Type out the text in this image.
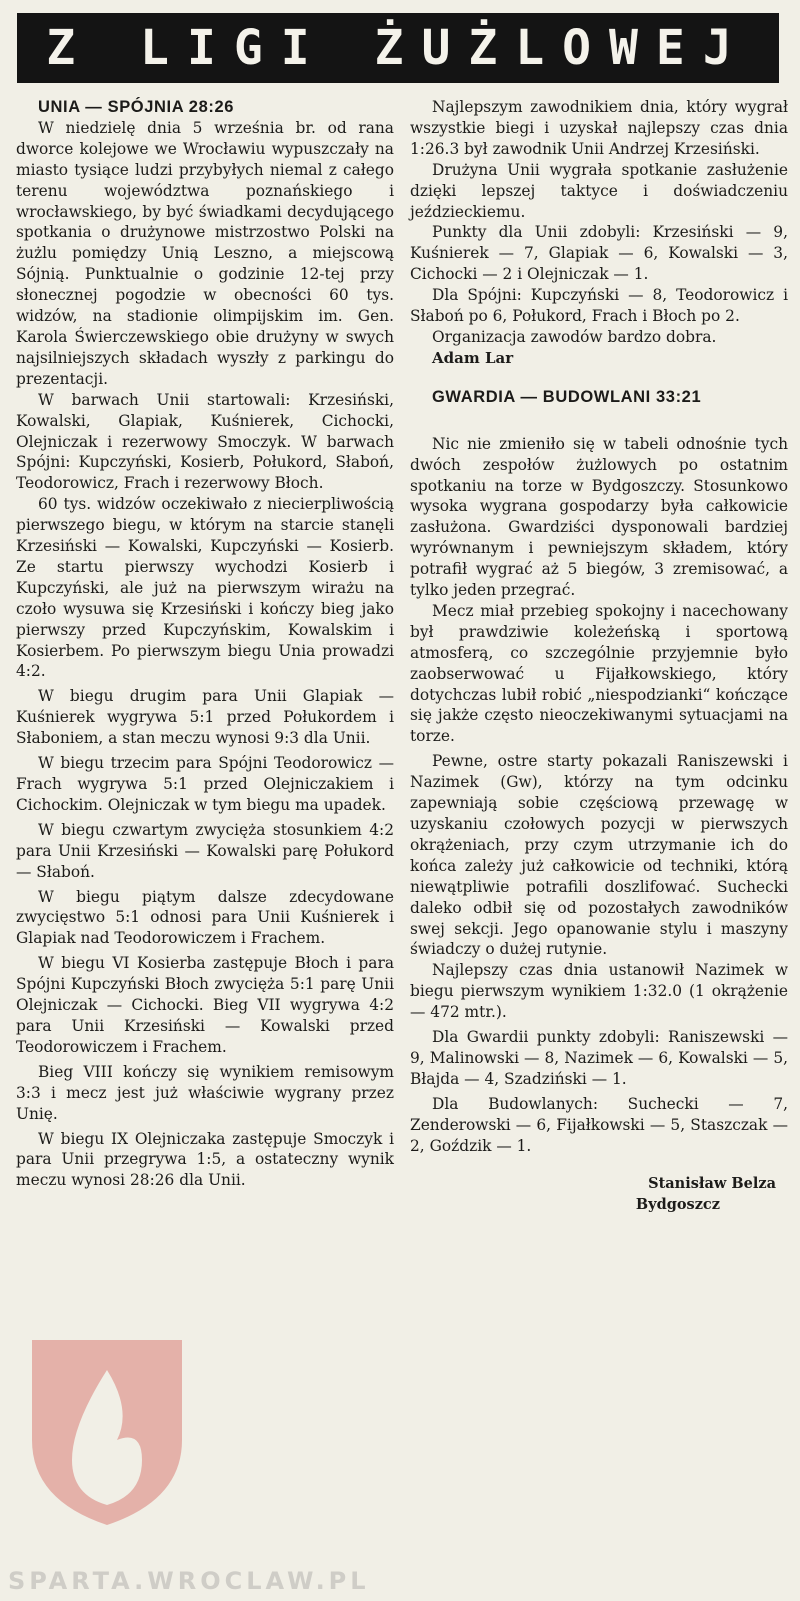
Z LIGI ŻUŻLOWEJ

UNIA — SPÓJNIA 28:26

W niedzielę dnia 5 września br. od rana dworce kolejowe we Wrocławiu wypuszczały na miasto tysiące ludzi przybyłych niemal z całego terenu województwa poznańskiego i wrocławskiego, by być świadkami decydującego spotkania o drużynowe mistrzostwo Polski na żużlu pomiędzy Unią Leszno, a miejscową Sójnią. Punktualnie o godzinie 12-tej przy słonecznej pogodzie w obecności 60 tys. widzów, na stadionie olimpijskim im. Gen. Karola Świerczewskiego obie drużyny w swych najsilniejszych składach wyszły z parkingu do prezentacji.

W barwach Unii startowali: Krzesiński, Kowalski, Glapiak, Kuśnierek, Cichocki, Olejniczak i rezerwowy Smoczyk. W barwach Spójni: Kupczyński, Kosierb, Połukord, Słaboń, Teodorowicz, Frach i rezerwowy Błoch.

60 tys. widzów oczekiwało z niecierpliwością pierwszego biegu, w którym na starcie stanęli Krzesiński — Kowalski, Kupczyński — Kosierb. Ze startu pierwszy wychodzi Kosierb i Kupczyński, ale już na pierwszym wirażu na czoło wysuwa się Krzesiński i kończy bieg jako pierwszy przed Kupczyńskim, Kowalskim i Kosierbem. Po pierwszym biegu Unia prowadzi 4:2.

W biegu drugim para Unii Glapiak — Kuśnierek wygrywa 5:1 przed Połukordem i Słaboniem, a stan meczu wynosi 9:3 dla Unii.

W biegu trzecim para Spójni Teodorowicz — Frach wygrywa 5:1 przed Olejniczakiem i Cichockim. Olejniczak w tym biegu ma upadek.

W biegu czwartym zwycięża stosunkiem 4:2 para Unii Krzesiński — Kowalski parę Połukord — Słaboń.

W biegu piątym dalsze zdecydowane zwycięstwo 5:1 odnosi para Unii Kuśnierek i Glapiak nad Teodorowiczem i Frachem.

W biegu VI Kosierba zastępuje Błoch i para Spójni Kupczyński Błoch zwycięża 5:1 parę Unii Olejniczak — Cichocki. Bieg VII wygrywa 4:2 para Unii Krzesiński — Kowalski przed Teodorowiczem i Frachem.

Bieg VIII kończy się wynikiem remisowym 3:3 i mecz jest już właściwie wygrany przez Unię.

W biegu IX Olejniczaka zastępuje Smoczyk i para Unii przegrywa 1:5, a ostateczny wynik meczu wynosi 28:26 dla Unii.

Najlepszym zawodnikiem dnia, który wygrał wszystkie biegi i uzyskał najlepszy czas dnia 1:26.3 był zawodnik Unii Andrzej Krzesiński.

Drużyna Unii wygrała spotkanie zasłużenie dzięki lepszej taktyce i doświadczeniu jeździeckiemu.

Punkty dla Unii zdobyli: Krzesiński — 9, Kuśnierek — 7, Glapiak — 6, Kowalski — 3, Cichocki — 2 i Olejniczak — 1.

Dla Spójni: Kupczyński — 8, Teodorowicz i Słaboń po 6, Połukord, Frach i Błoch po 2.

Organizacja zawodów bardzo dobra.

Adam Lar

GWARDIA — BUDOWLANI 33:21

Nic nie zmieniło się w tabeli odnośnie tych dwóch zespołów żużlowych po ostatnim spotkaniu na torze w Bydgoszczy. Stosunkowo wysoka wygrana gospodarzy była całkowicie zasłużona. Gwardziści dysponowali bardziej wyrównanym i pewniejszym składem, który potrafił wygrać aż 5 biegów, 3 zremisować, a tylko jeden przegrać.

Mecz miał przebieg spokojny i nacechowany był prawdziwie koleżeńską i sportową atmosferą, co szczególnie przyjemnie było zaobserwować u Fijałkowskiego, który dotychczas lubił robić „niespodzianki“ kończące się jakże często nieoczekiwanymi sytuacjami na torze.

Pewne, ostre starty pokazali Raniszewski i Nazimek (Gw), którzy na tym odcinku zapewniają sobie częściową przewagę w uzyskaniu czołowych pozycji w pierwszych okrążeniach, przy czym utrzymanie ich do końca zależy już całkowicie od techniki, którą niewątpliwie potrafili doszlifować. Suchecki daleko odbił się od pozostałych zawodników swej sekcji. Jego opanowanie stylu i maszyny świadczy o dużej rutynie.

Najlepszy czas dnia ustanowił Nazimek w biegu pierwszym wynikiem 1:32.0 (1 okrążenie — 472 mtr.).

Dla Gwardii punkty zdobyli: Raniszewski — 9, Malinowski — 8, Nazimek — 6, Kowalski — 5, Błajda — 4, Szadziński — 1.

Dla Budowlanych: Suchecki — 7, Zenderowski — 6, Fijałkowski — 5, Staszczak — 2, Goździk — 1.

Stanisław Belza
Bydgoszcz
SPARTA.WROCLAW.PL
